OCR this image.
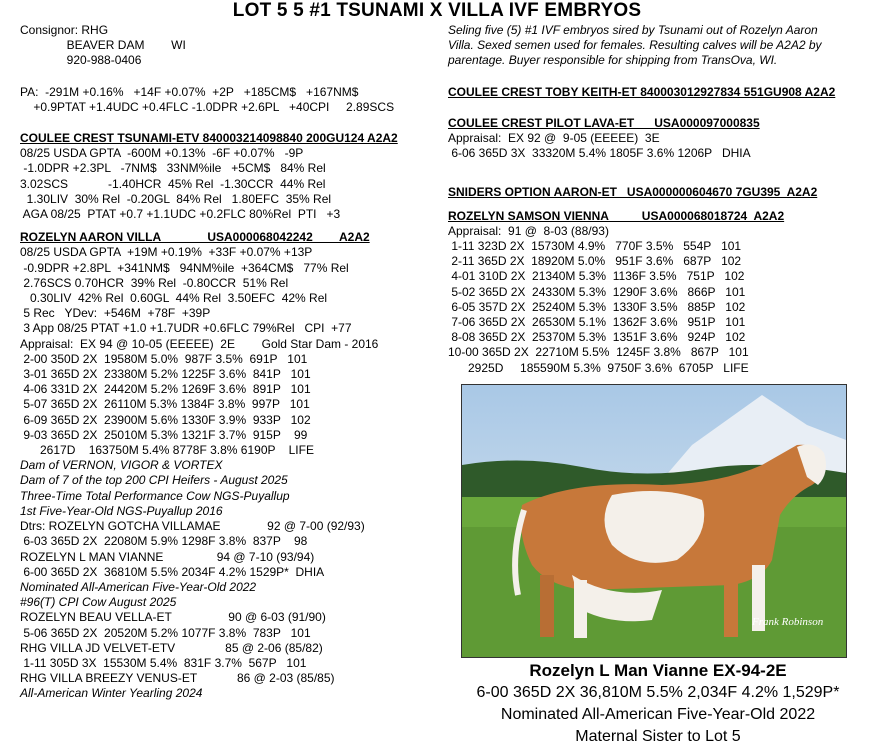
LOT 5 5 #1 TSUNAMI X VILLA IVF EMBRYOS
Consignor: RHG
BEAVER DAM        WI
920-988-0406
PA:  -291M +0.16%   +14F +0.07%  +2P   +185CM$   +167NM$
+0.9PTAT +1.4UDC +0.4FLC -1.0DPR +2.6PL   +40CPI     2.89SCS
COULEE CREST TSUNAMI-ETV 840003214098840 200GU124 A2A2
08/25 USDA GPTA  -600M +0.13%  -6F +0.07%   -9P
-1.0DPR +2.3PL   -7NM$   33NM%ile   +5CM$   84% Rel
3.02SCS            -1.40HCR  45% Rel  -1.30CCR  44% Rel
1.30LIV  30% Rel  -0.20GL  84% Rel   1.80EFC  35% Rel
AGA 08/25  PTAT +0.7 +1.1UDC +0.2FLC 80%Rel  PTI   +3
ROZELYN AARON VILLA              USA000068042242        A2A2
08/25 USDA GPTA  +19M +0.19%  +33F +0.07% +13P
-0.9DPR +2.8PL  +341NM$   94NM%ile  +364CM$   77% Rel
2.76SCS 0.70HCR  39% Rel  -0.80CCR  51% Rel
0.30LIV  42% Rel  0.60GL  44% Rel  3.50EFC  42% Rel
5 Rec   YDev:  +546M  +78F  +39P
3 App 08/25 PTAT +1.0 +1.7UDR +0.6FLC 79%Rel   CPI  +77
Appraisal:  EX 94 @ 10-05 (EEEEE)  2E        Gold Star Dam - 2016
2-00 350D 2X  19580M 5.0%  987F 3.5%  691P   101
3-01 365D 2X  23380M 5.2% 1225F 3.6%  841P   101
4-06 331D 2X  24420M 5.2% 1269F 3.6%  891P   101
5-07 365D 2X  26110M 5.3% 1384F 3.8%  997P   101
6-09 365D 2X  23900M 5.6% 1330F 3.9%  933P   102
9-03 365D 2X  25010M 5.3% 1321F 3.7%  915P    99
2617D    163750M 5.4% 8778F 3.8% 6190P    LIFE
Dam of VERNON, VIGOR & VORTEX
Dam of 7 of the top 200 CPI Heifers - August 2025
Three-Time Total Performance Cow NGS-Puyallup
1st Five-Year-Old NGS-Puyallup 2016
Dtrs: ROZELYN GOTCHA VILLAMAE              92 @ 7-00 (92/93)
6-03 365D 2X  22080M 5.9% 1298F 3.8%  837P    98
ROZELYN L MAN VIANNE                94 @ 7-10 (93/94)
6-00 365D 2X  36810M 5.5% 2034F 4.2% 1529P*  DHIA
Nominated All-American Five-Year-Old 2022
#96(T) CPI Cow August 2025
ROZELYN BEAU VELLA-ET                 90 @ 6-03 (91/90)
5-06 365D 2X  20520M 5.2% 1077F 3.8%  783P   101
RHG VILLA JD VELVET-ETV               85 @ 2-06 (85/82)
1-11 305D 3X  15530M 5.4%  831F 3.7%  567P   101
RHG VILLA BREEZY VENUS-ET            86 @ 2-03 (85/85)
All-American Winter Yearling 2024
Seling five (5) #1 IVF embryos sired by Tsunami out of Rozelyn Aaron
Villa. Sexed semen used for females. Resulting calves will be A2A2 by
parentage. Buyer responsible for shipping from TransOva, WI.
COULEE CREST TOBY KEITH-ET 840003012927834 551GU908 A2A2
COULEE CREST PILOT LAVA-ET      USA000097000835
Appraisal:  EX 92 @  9-05 (EEEEE)  3E
6-06 365D 3X  33320M 5.4% 1805F 3.6% 1206P   DHIA
SNIDERS OPTION AARON-ET   USA000000604670 7GU395  A2A2
ROZELYN SAMSON VIENNA          USA000068018724  A2A2
Appraisal:  91 @  8-03 (88/93)
1-11 323D 2X  15730M 4.9%   770F 3.5%   554P   101
2-11 365D 2X  18920M 5.0%   951F 3.6%   687P   102
4-01 310D 2X  21340M 5.3%  1136F 3.5%   751P   102
5-02 365D 2X  24330M 5.3%  1290F 3.6%   866P   101
6-05 357D 2X  25240M 5.3%  1330F 3.5%   885P   102
7-06 365D 2X  26530M 5.1%  1362F 3.6%   951P   101
8-08 365D 2X  25370M 5.3%  1351F 3.6%   924P   102
10-00 365D 2X  22710M 5.5%  1245F 3.8%   867P   101
2925D     185590M 5.3%  9750F 3.6%  6705P   LIFE
Frank Robinson
Rozelyn L Man Vianne EX-94-2E
6-00 365D 2X 36,810M 5.5% 2,034F 4.2% 1,529P*
Nominated All-American Five-Year-Old 2022
Maternal Sister to Lot 5
